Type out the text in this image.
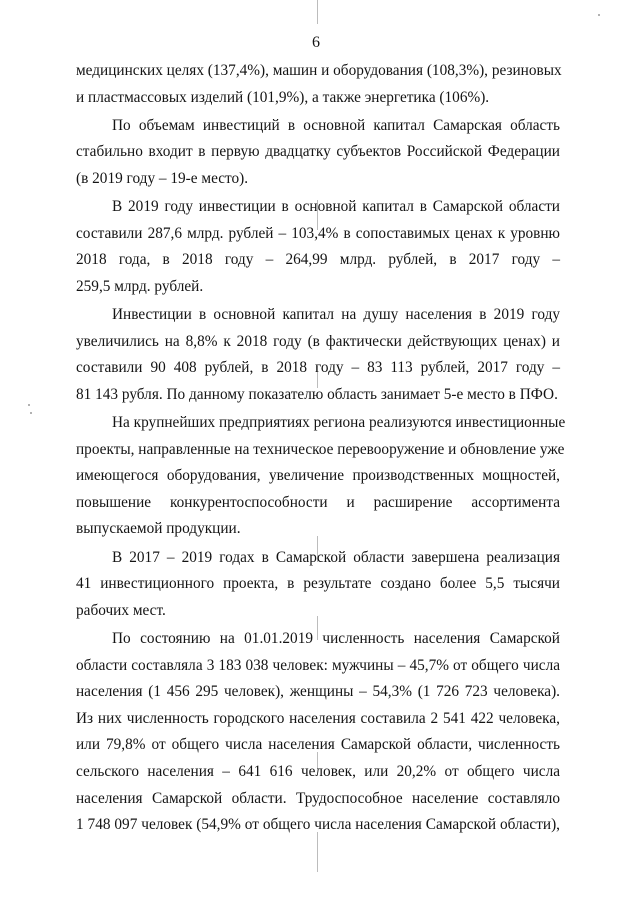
6
медицинских целях (137,4%), машин и оборудования (108,3%), резиновых
и пластмассовых изделий (101,9%), а также энергетика (106%).
По объемам инвестиций в основной капитал Самарская область
стабильно входит в первую двадцатку субъектов Российской Федерации
(в 2019 году – 19-е место).
В 2019 году инвестиции в основной капитал в Самарской области
составили 287,6 млрд. рублей – 103,4% в сопоставимых ценах к уровню
2018 года, в 2018 году – 264,99 млрд. рублей, в 2017 году –
259,5 млрд. рублей.
Инвестиции в основной капитал на душу населения в 2019 году
увеличились на 8,8% к 2018 году (в фактически действующих ценах) и
составили 90 408 рублей, в 2018 году – 83 113 рублей, 2017 году –
81 143 рубля. По данному показателю область занимает 5-е место в ПФО.
На крупнейших предприятиях региона реализуются инвестиционные
проекты, направленные на техническое перевооружение и обновление уже
имеющегося оборудования, увеличение производственных мощностей,
повышение конкурентоспособности и расширение ассортимента
выпускаемой продукции.
В 2017 – 2019 годах в Самарской области завершена реализация
41 инвестиционного проекта, в результате создано более 5,5 тысячи
рабочих мест.
По состоянию на 01.01.2019 численность населения Самарской
области составляла 3 183 038 человек: мужчины – 45,7% от общего числа
населения (1 456 295 человек), женщины – 54,3% (1 726 723 человека).
Из них численность городского населения составила 2 541 422 человека,
или 79,8% от общего числа населения Самарской области, численность
сельского населения – 641 616 человек, или 20,2% от общего числа
населения Самарской области. Трудоспособное население составляло
1 748 097 человек (54,9% от общего числа населения Самарской области),
